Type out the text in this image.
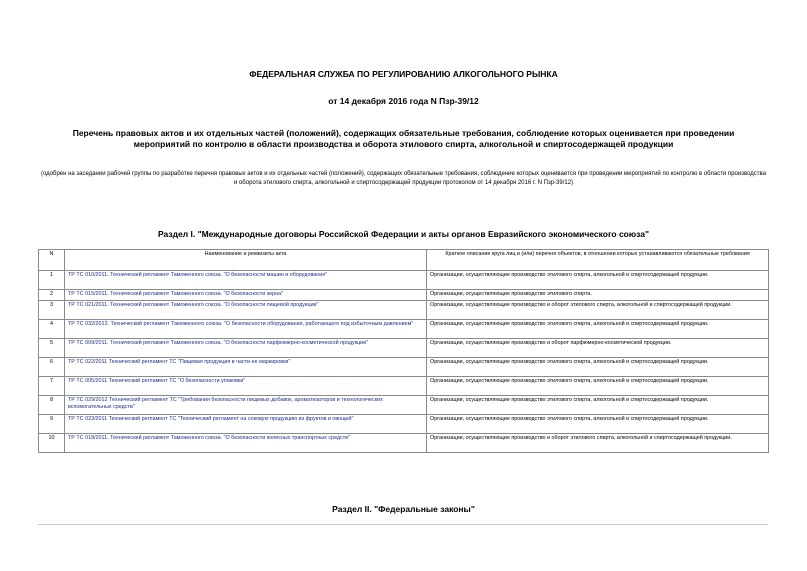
ФЕДЕРАЛЬНАЯ СЛУЖБА ПО РЕГУЛИРОВАНИЮ АЛКОГОЛЬНОГО РЫНКА
от 14 декабря 2016 года N Пзр-39/12
Перечень правовых актов и их отдельных частей (положений), содержащих обязательные требования, соблюдение которых оценивается при проведении мероприятий по контролю в области производства и оборота этилового спирта, алкогольной и спиртосодержащей продукции
(одобрен на заседании рабочей группы по разработке перечня правовых актов и их отдельных частей (положений), содержащих обязательные требования, соблюдение которых оценивается при проведении мероприятий по контролю в области производства и оборота этилового спирта, алкогольной и спиртосодержащей продукции протоколом от 14 декабря 2016 г. N Пзр-39/12)
Раздел I. "Международные договоры Российской Федерации и акты органов Евразийского экономического союза"
N	Наименование и реквизиты акта	Краткое описание круга лиц и (или) перечня объектов, в отношении которых устанавливаются обязательные требования
1	ТР ТС 010/2011. Технический регламент Таможенного союза. "О безопасности машин и оборудования"	Организации, осуществляющие производство этилового спирта, алкогольной и спиртосодержащей продукции.
2	ТР ТС 015/2011. Технический регламент Таможенного союза. "О безопасности зерна"	Организации, осуществляющие производство этилового спирта.
3	ТР ТС 021/2011. Технический регламент Таможенного союза. "О безопасности пищевой продукции"	Организации, осуществляющие производство и оборот этилового спирта, алкогольной и спиртосодержащей продукции.
4	ТР ТС 032/2013. Технический регламент Таможенного союза. "О безопасности оборудования, работающего под избыточным давлением"	Организации, осуществляющие производство этилового спирта, алкогольной и спиртосодержащей продукции.
5	ТР ТС 009/2011. Технический регламент Таможенного союза. "О безопасности парфюмерно-косметической продукции"	Организации, осуществляющие производство и оборот парфюмерно-косметической продукции.
6	ТР ТС 022/2011 Технический регламент ТС "Пищевая продукция в части ее маркировки"	Организации, осуществляющие производство этилового спирта, алкогольной и спиртосодержащей продукции.
7	ТР ТС 005/2011 Технический регламент ТС "О безопасности упаковки"	Организации, осуществляющие производство этилового спирта, алкогольной и спиртосодержащей продукции.
8	ТР ТС 029/2012 Технический регламент ТС "Требования безопасности пищевых добавок, ароматизаторов и технологических вспомогательных средств"	Организации, осуществляющие производство этилового спирта, алкогольной и спиртосодержащей продукции.
9	ТР ТС 023/2011 Технический регламент ТС "Технический регламент на соковую продукцию из фруктов и овощей"	Организации, осуществляющие производство этилового спирта, алкогольной и спиртосодержащей продукции.
10	ТР ТС 018/2011. Технический регламент Таможенного союза. "О безопасности колесных транспортных средств"	Организации, осуществляющие производство и оборот этилового спирта, алкогольной и спиртосодержащей продукции.
Раздел II. "Федеральные законы"
